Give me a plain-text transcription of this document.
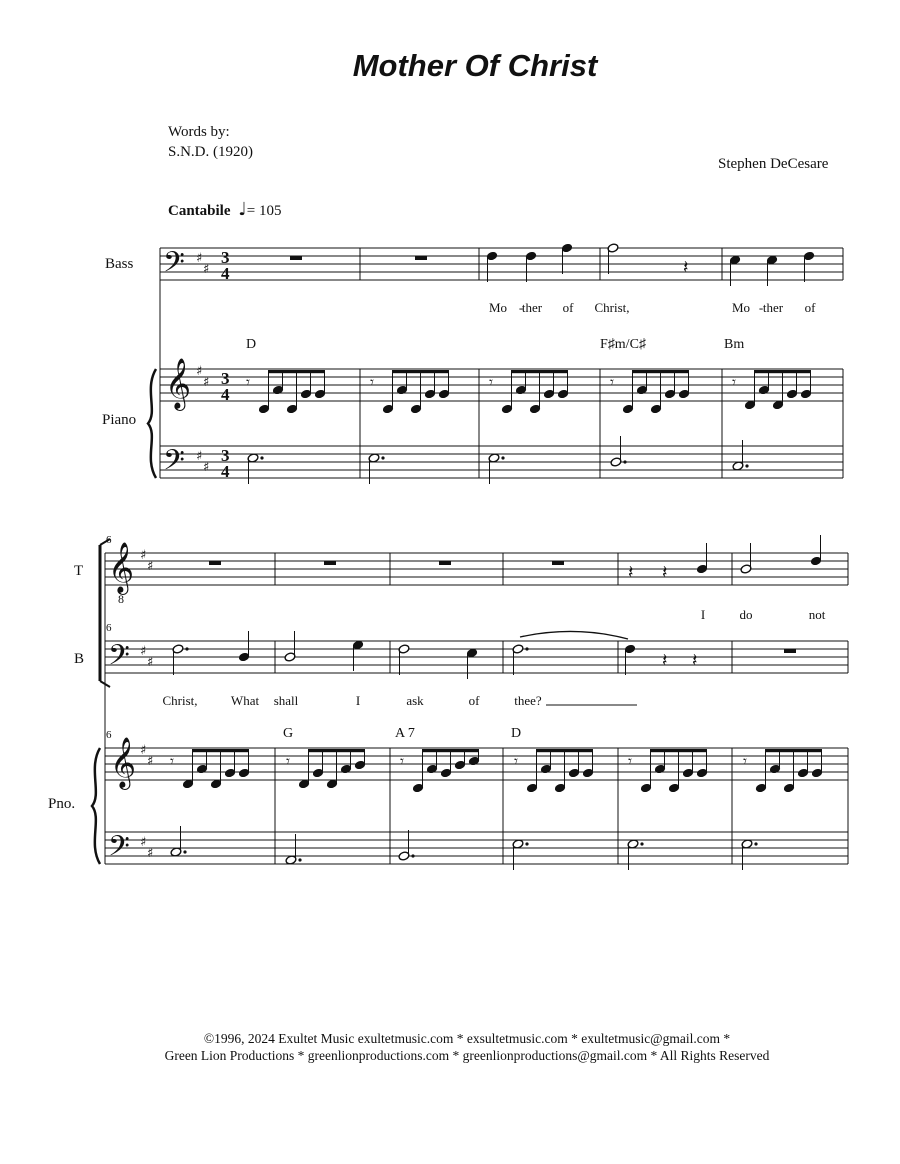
Mother Of Christ
Words by:
S.N.D. (1920)
Stephen DeCesare
Cantabile ♩= 105
Bass
Piano
𝄢 ♯
♯
3
4
𝄞 ♯
♯ 3
4
𝄢 ♯
♯
3
4
𝄽
Mo -
ther of Christ,	Mo - ther of
D	F♯m/C♯	Bm
𝄾	𝄾	𝄾	𝄾	𝄾
6
6
6
T
B
Pno.
𝄞
8
♯
♯
𝄢 ♯
♯
𝄞 ♯
♯
𝄢 ♯
♯
𝄽 𝄽
I	do	not
𝄽 𝄽
Christ,	What shall	I	ask	of	thee?
G	A 7	D
𝄾	𝄾	𝄾	𝄾	𝄾	𝄾
©1996, 2024 Exultet Music exultetmusic.com * exsultetmusic.com * exultetmusic@gmail.com *
Green Lion Productions * greenlionproductions.com * greenlionproductions@gmail.com * All Rights Reserved
